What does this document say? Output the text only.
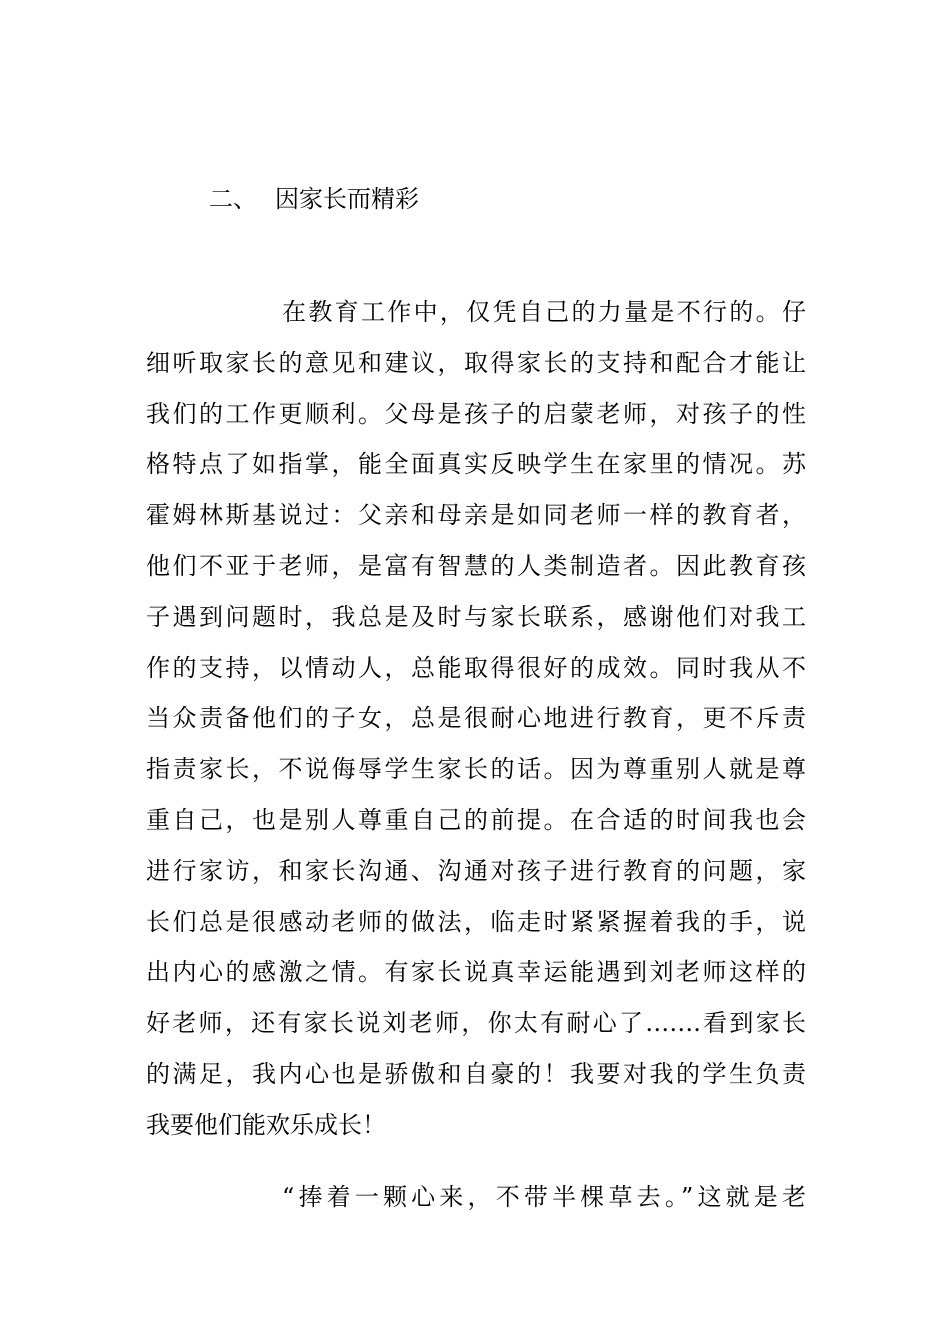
二、 因家长而精彩
在教育工作中，仅凭自己的力量是不行的。仔
细听取家长的意见和建议，取得家长的支持和配合才能让
我们的工作更顺利。父母是孩子的启蒙老师，对孩子的性
格特点了如指掌，能全面真实反映学生在家里的情况。苏
霍姆林斯基说过：父亲和母亲是如同老师一样的教育者，
他们不亚于老师，是富有智慧的人类制造者。因此教育孩
子遇到问题时，我总是及时与家长联系，感谢他们对我工
作的支持，以情动人，总能取得很好的成效。同时我从不
当众责备他们的子女，总是很耐心地进行教育，更不斥责
指责家长，不说侮辱学生家长的话。因为尊重别人就是尊
重自己，也是别人尊重自己的前提。在合适的时间我也会
进行家访，和家长沟通、沟通对孩子进行教育的问题，家
长们总是很感动老师的做法，临走时紧紧握着我的手，说
出内心的感激之情。有家长说真幸运能遇到刘老师这样的
好老师，还有家长说刘老师，你太有耐心了…….看到家长
的满足，我内心也是骄傲和自豪的！我要对我的学生负责
我要他们能欢乐成长！
“捧着一颗心来，不带半棵草去。”这就是老
